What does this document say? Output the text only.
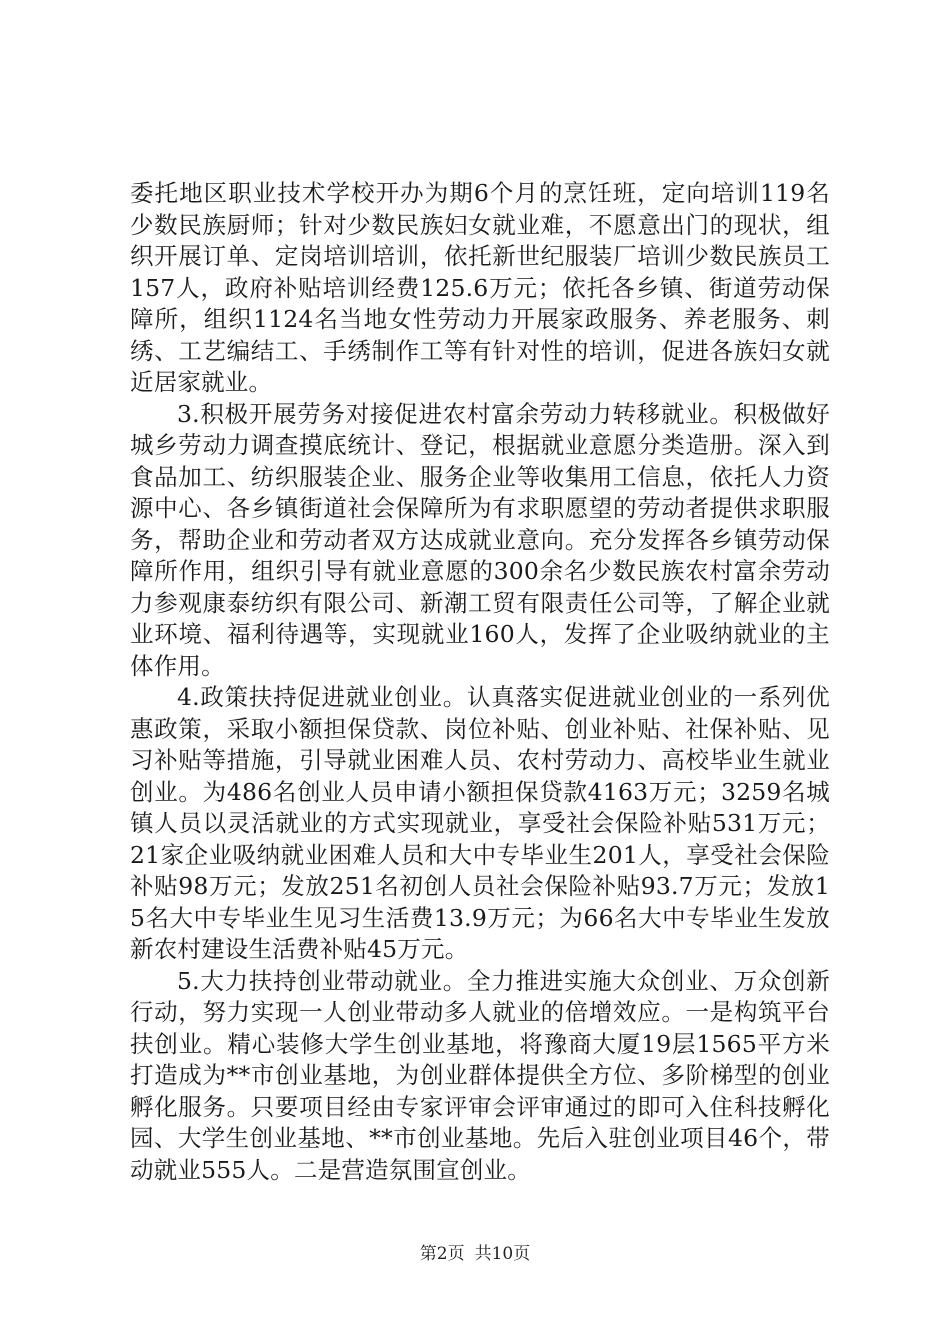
委托地区职业技术学校开办为期6个月的烹饪班，定向培训119名少数民族厨师；针对少数民族妇女就业难，不愿意出门的现状，组织开展订单、定岗培训培训，依托新世纪服装厂培训少数民族员工157人，政府补贴培训经费125.6万元；依托各乡镇、街道劳动保障所，组织1124名当地女性劳动力开展家政服务、养老服务、刺绣、工艺编结工、手绣制作工等有针对性的培训，促进各族妇女就近居家就业。

3.积极开展劳务对接促进农村富余劳动力转移就业。积极做好城乡劳动力调查摸底统计、登记，根据就业意愿分类造册。深入到食品加工、纺织服装企业、服务企业等收集用工信息，依托人力资源中心、各乡镇街道社会保障所为有求职愿望的劳动者提供求职服务，帮助企业和劳动者双方达成就业意向。充分发挥各乡镇劳动保障所作用，组织引导有就业意愿的300余名少数民族农村富余劳动力参观康泰纺织有限公司、新潮工贸有限责任公司等，了解企业就业环境、福利待遇等，实现就业160人，发挥了企业吸纳就业的主体作用。

4.政策扶持促进就业创业。认真落实促进就业创业的一系列优惠政策，采取小额担保贷款、岗位补贴、创业补贴、社保补贴、见习补贴等措施，引导就业困难人员、农村劳动力、高校毕业生就业创业。为486名创业人员申请小额担保贷款4163万元；3259名城镇人员以灵活就业的方式实现就业，享受社会保险补贴531万元；21家企业吸纳就业困难人员和大中专毕业生201人，享受社会保险补贴98万元；发放251名初创人员社会保险补贴93.7万元；发放15名大中专毕业生见习生活费13.9万元；为66名大中专毕业生发放新农村建设生活费补贴45万元。

5.大力扶持创业带动就业。全力推进实施大众创业、万众创新行动，努力实现一人创业带动多人就业的倍增效应。一是构筑平台扶创业。精心装修大学生创业基地，将豫商大厦19层1565平方米打造成为**市创业基地，为创业群体提供全方位、多阶梯型的创业孵化服务。只要项目经由专家评审会评审通过的即可入住科技孵化园、大学生创业基地、**市创业基地。先后入驻创业项目46个，带动就业555人。二是营造氛围宣创业。

第2页 共10页
